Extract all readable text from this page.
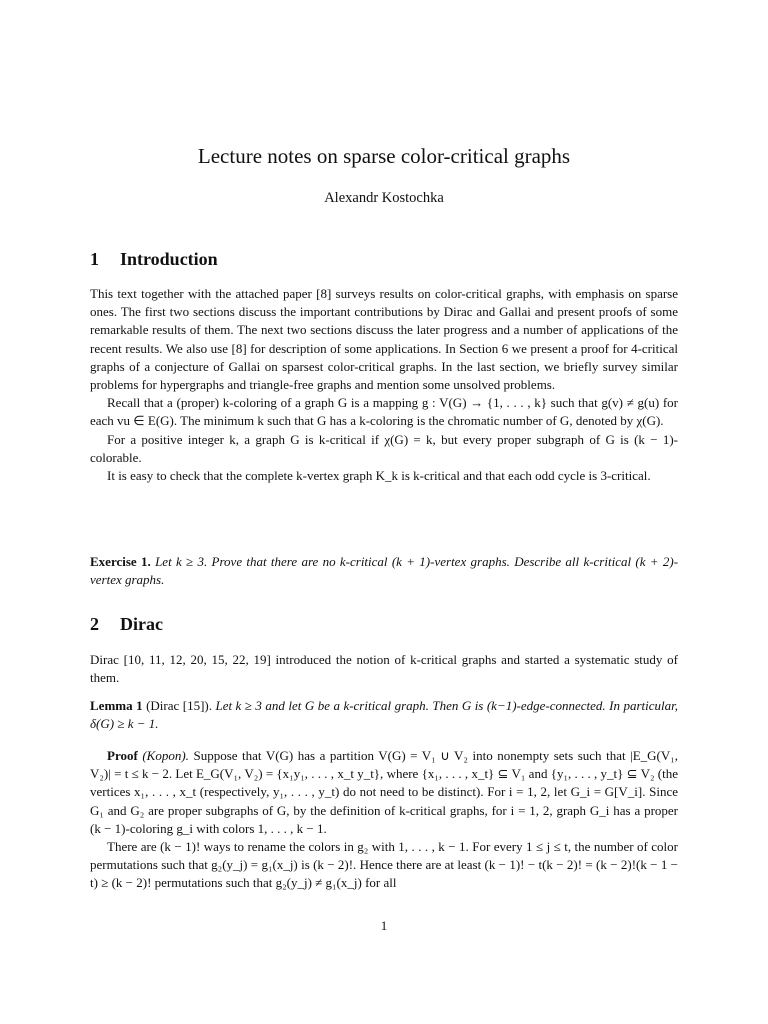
Lecture notes on sparse color-critical graphs
Alexandr Kostochka
1 Introduction

This text together with the attached paper [8] surveys results on color-critical graphs, with emphasis on sparse ones. The first two sections discuss the important contributions by Dirac and Gallai and present proofs of some remarkable results of them. The next two sections discuss the later progress and a number of applications of the recent results. We also use [8] for description of some applications. In Section 6 we present a proof for 4-critical graphs of a conjecture of Gallai on sparsest color-critical graphs. In the last section, we briefly survey similar problems for hypergraphs and triangle-free graphs and mention some unsolved problems.

Recall that a (proper) k-coloring of a graph G is a mapping g : V(G) → {1, . . . , k} such that g(v) ≠ g(u) for each vu ∈ E(G). The minimum k such that G has a k-coloring is the chromatic number of G, denoted by χ(G).

For a positive integer k, a graph G is k-critical if χ(G) = k, but every proper subgraph of G is (k − 1)-colorable.

It is easy to check that the complete k-vertex graph K_k is k-critical and that each odd cycle is 3-critical.

Exercise 1. Let k ≥ 3. Prove that there are no k-critical (k + 1)-vertex graphs. Describe all k-critical (k + 2)-vertex graphs.

2 Dirac

Dirac [10, 11, 12, 20, 15, 22, 19] introduced the notion of k-critical graphs and started a systematic study of them.

Lemma 1 (Dirac [15]). Let k ≥ 3 and let G be a k-critical graph. Then G is (k−1)-edge-connected. In particular, δ(G) ≥ k − 1.

Proof (Kopon). Suppose that V(G) has a partition V(G) = V₁ ∪ V₂ into nonempty sets such that |E_G(V₁, V₂)| = t ≤ k − 2. Let E_G(V₁, V₂) = {x₁y₁, . . . , x_t y_t}, where {x₁, . . . , x_t} ⊆ V₁ and {y₁, . . . , y_t} ⊆ V₂ (the vertices x₁, . . . , x_t (respectively, y₁, . . . , y_t) do not need to be distinct). For i = 1, 2, let G_i = G[V_i]. Since G₁ and G₂ are proper subgraphs of G, by the definition of k-critical graphs, for i = 1, 2, graph G_i has a proper (k − 1)-coloring g_i with colors 1, . . . , k − 1.

There are (k − 1)! ways to rename the colors in g₂ with 1, . . . , k − 1. For every 1 ≤ j ≤ t, the number of color permutations such that g₂(y_j) = g₁(x_j) is (k − 2)!. Hence there are at least (k − 1)! − t(k − 2)! = (k − 2)!(k − 1 − t) ≥ (k − 2)! permutations such that g₂(y_j) ≠ g₁(x_j) for all

1
